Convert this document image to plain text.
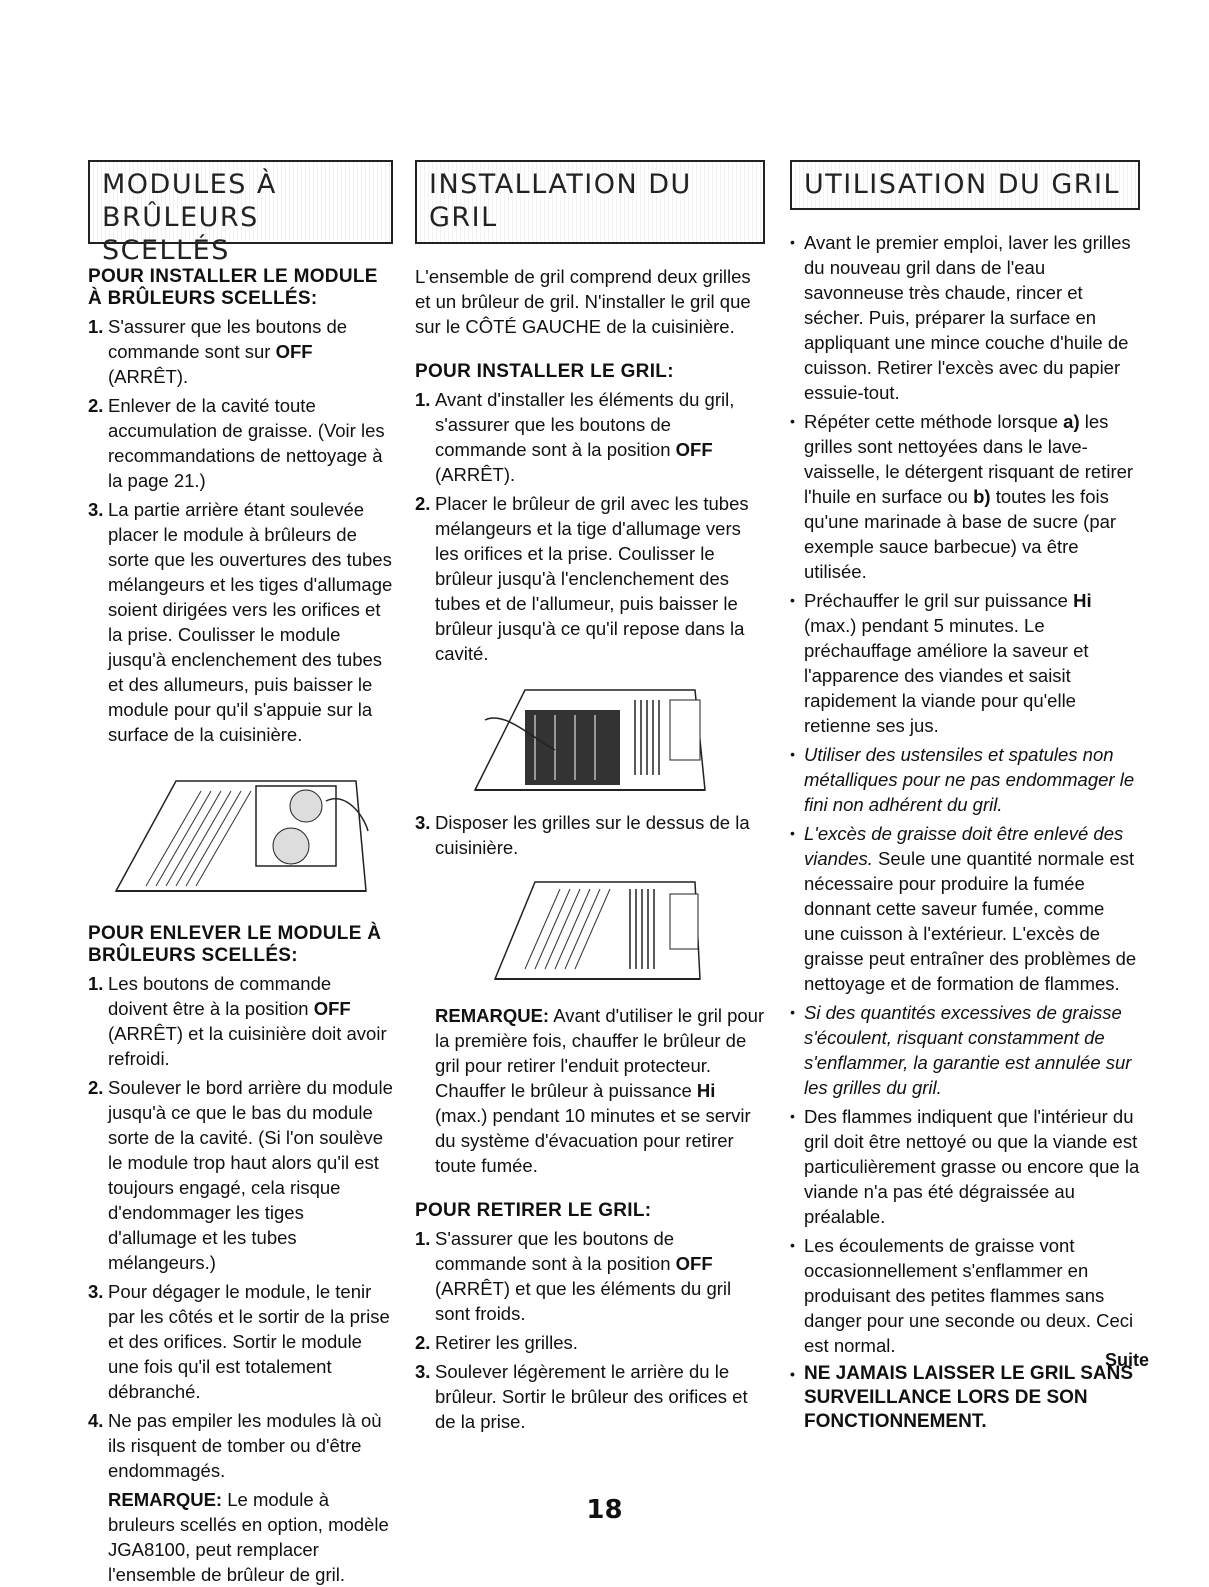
MODULES À
BRÛLEURS SCELLÉS
POUR INSTALLER LE MODULE À BRÛLEURS SCELLÉS:
1. S'assurer que les boutons de commande sont sur OFF (ARRÊT).
2. Enlever de la cavité toute accumulation de graisse. (Voir les recommandations de nettoyage à la page 21.)
3. La partie arrière étant soulevée placer le module à brûleurs de sorte que les ouvertures des tubes mélangeurs et les tiges d'allumage soient dirigées vers les orifices et la prise. Coulisser le module jusqu'à enclenchement des tubes et des allumeurs, puis baisser le module pour qu'il s'appuie sur la surface de la cuisinière.
POUR ENLEVER LE MODULE À BRÛLEURS SCELLÉS:
1. Les boutons de commande doivent être à la position OFF (ARRÊT) et la cuisinière doit avoir refroidi.
2. Soulever le bord arrière du module jusqu'à ce que le bas du module sorte de la cavité. (Si l'on soulève le module trop haut alors qu'il est toujours engagé, cela risque d'endommager les tiges d'allumage et les tubes mélangeurs.)
3. Pour dégager le module, le tenir par les côtés et le sortir de la prise et des orifices. Sortir le module une fois qu'il est totalement débranché.
4. Ne pas empiler les modules là où ils risquent de tomber ou d'être endommagés.

REMARQUE: Le module à bruleurs scellés en option, modèle JGA8100, peut remplacer l'ensemble de brûleur de gril.

INSTALLATION DU
GRIL

L'ensemble de gril comprend deux grilles et un brûleur de gril. N'installer le gril que sur le CÔTÉ GAUCHE de la cuisinière.

POUR INSTALLER LE GRIL:
1. Avant d'installer les éléments du gril, s'assurer que les boutons de commande sont à la position OFF (ARRÊT).
2. Placer le brûleur de gril avec les tubes mélangeurs et la tige d'allumage vers les orifices et la prise. Coulisser le brûleur jusqu'à l'enclenchement des tubes et de l'allumeur, puis baisser le brûleur jusqu'à ce qu'il repose dans la cavité.
3. Disposer les grilles sur le dessus de la cuisinière.

REMARQUE: Avant d'utiliser le gril pour la première fois, chauffer le brûleur de gril pour retirer l'enduit protecteur. Chauffer le brûleur à puissance Hi (max.) pendant 10 minutes et se servir du système d'évacuation pour retirer toute fumée.

POUR RETIRER LE GRIL:
1. S'assurer que les boutons de commande sont à la position OFF (ARRÊT) et que les éléments du gril sont froids.
2. Retirer les grilles.
3. Soulever légèrement le arrière du le brûleur. Sortir le brûleur des orifices et de la prise.
UTILISATION DU GRIL
• Avant le premier emploi, laver les grilles du nouveau gril dans de l'eau savonneuse très chaude, rincer et sécher. Puis, préparer la surface en appliquant une mince couche d'huile de cuisson. Retirer l'excès avec du papier essuie-tout.
• Répéter cette méthode lorsque a) les grilles sont nettoyées dans le lave-vaisselle, le détergent risquant de retirer l'huile en surface ou b) toutes les fois qu'une marinade à base de sucre (par exemple sauce barbecue) va être utilisée.
• Préchauffer le gril sur puissance Hi (max.) pendant 5 minutes. Le préchauffage améliore la saveur et l'apparence des viandes et saisit rapidement la viande pour qu'elle retienne ses jus.
• Utiliser des ustensiles et spatules non métalliques pour ne pas endommager le fini non adhérent du gril.
• L'excès de graisse doit être enlevé des viandes. Seule une quantité normale est nécessaire pour produire la fumée donnant cette saveur fumée, comme une cuisson à l'extérieur. L'excès de graisse peut entraîner des problèmes de nettoyage et de formation de flammes.
• Si des quantités excessives de graisse s'écoulent, risquant constamment de s'enflammer, la garantie est annulée sur les grilles du gril.
• Des flammes indiquent que l'intérieur du gril doit être nettoyé ou que la viande est particulièrement grasse ou encore que la viande n'a pas été dégraissée au préalable.
• Les écoulements de graisse vont occasionnellement s'enflammer en produisant des petites flammes sans danger pour une seconde ou deux. Ceci est normal.
• NE JAMAIS LAISSER LE GRIL SANS SURVEILLANCE LORS DE SON FONCTIONNEMENT.
Suite
18
